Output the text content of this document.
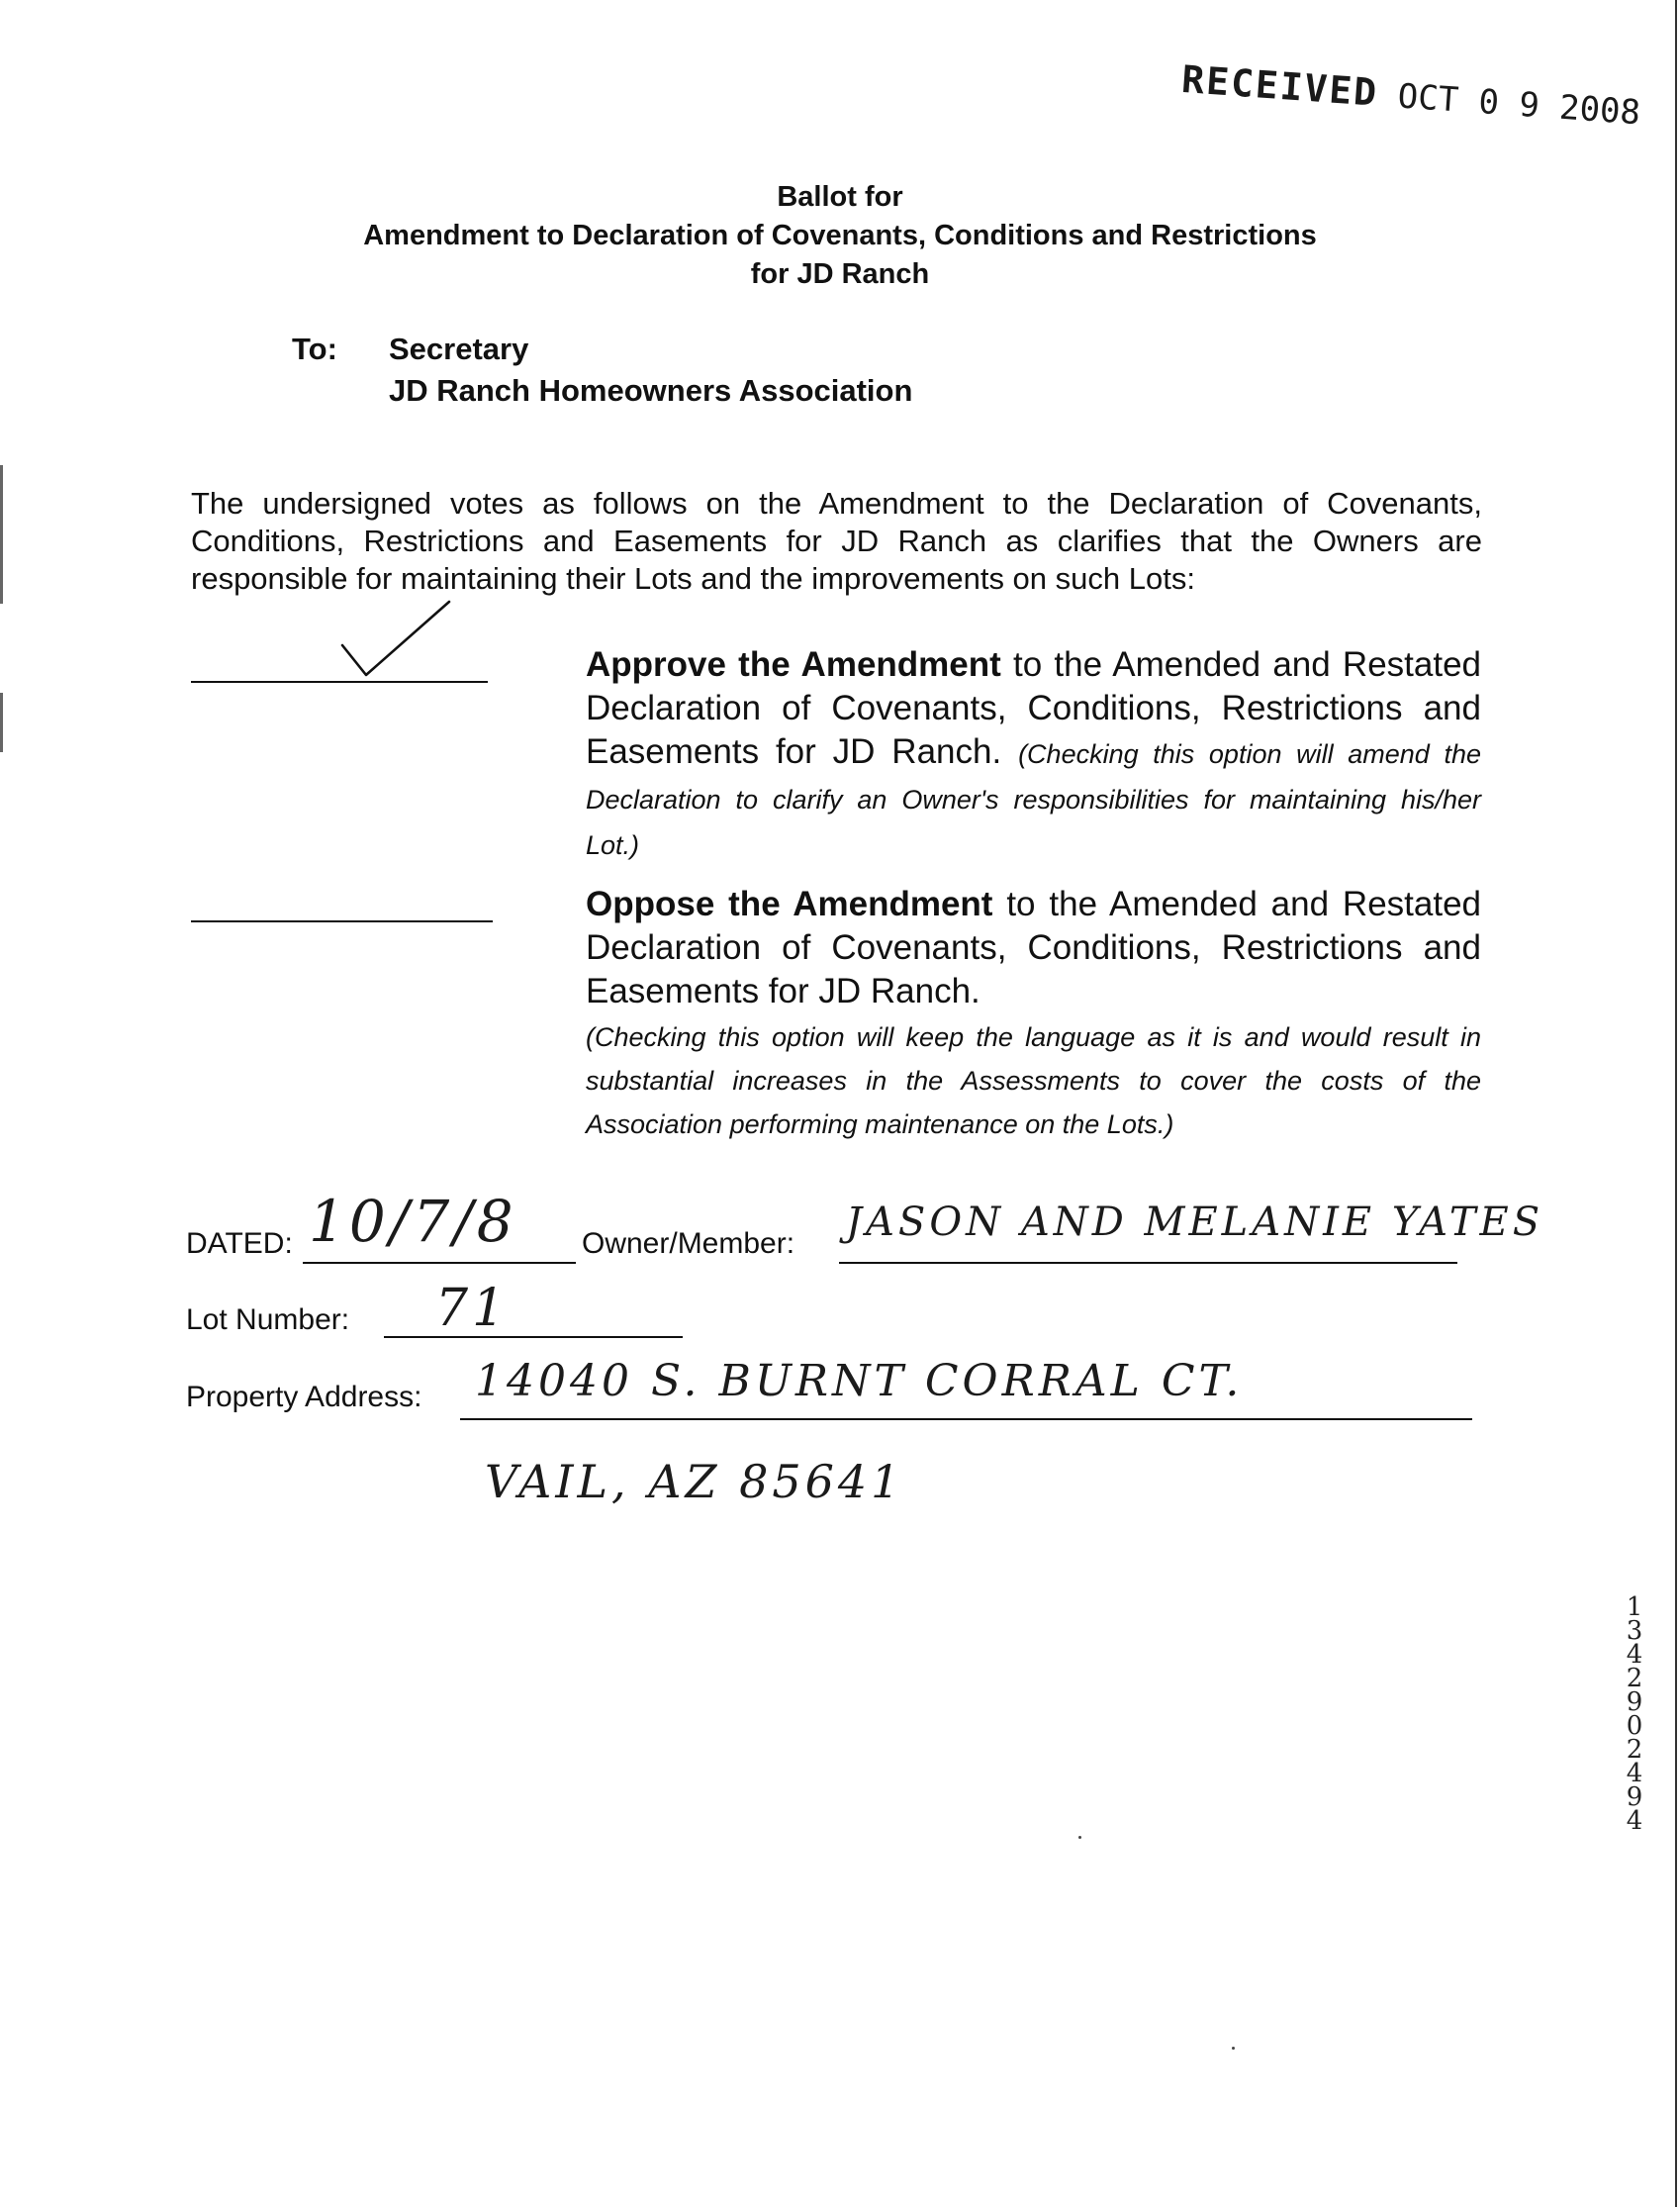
RECEIVED OCT 0 9 2008
Ballot for
Amendment to Declaration of Covenants, Conditions and Restrictions
for JD Ranch
To: Secretary
JD Ranch Homeowners Association
The undersigned votes as follows on the Amendment to the Declaration of Covenants, Conditions, Restrictions and Easements for JD Ranch as clarifies that the Owners are responsible for maintaining their Lots and the improvements on such Lots:
Approve the Amendment to the Amended and Restated Declaration of Covenants, Conditions, Restrictions and Easements for JD Ranch. (Checking this option will amend the Declaration to clarify an Owner's responsibilities for maintaining his/her Lot.)
Oppose the Amendment to the Amended and Restated Declaration of Covenants, Conditions, Restrictions and Easements for JD Ranch.
(Checking this option will keep the language as it is and would result in substantial increases in the Assessments to cover the costs of the Association performing maintenance on the Lots.)
DATED: 10/7/8 Owner/Member: JASON AND MELANIE YATES
Lot Number: 71
Property Address: 14040 S. BURNT CORRAL CT.
VAIL, AZ 85641
13429 02494
